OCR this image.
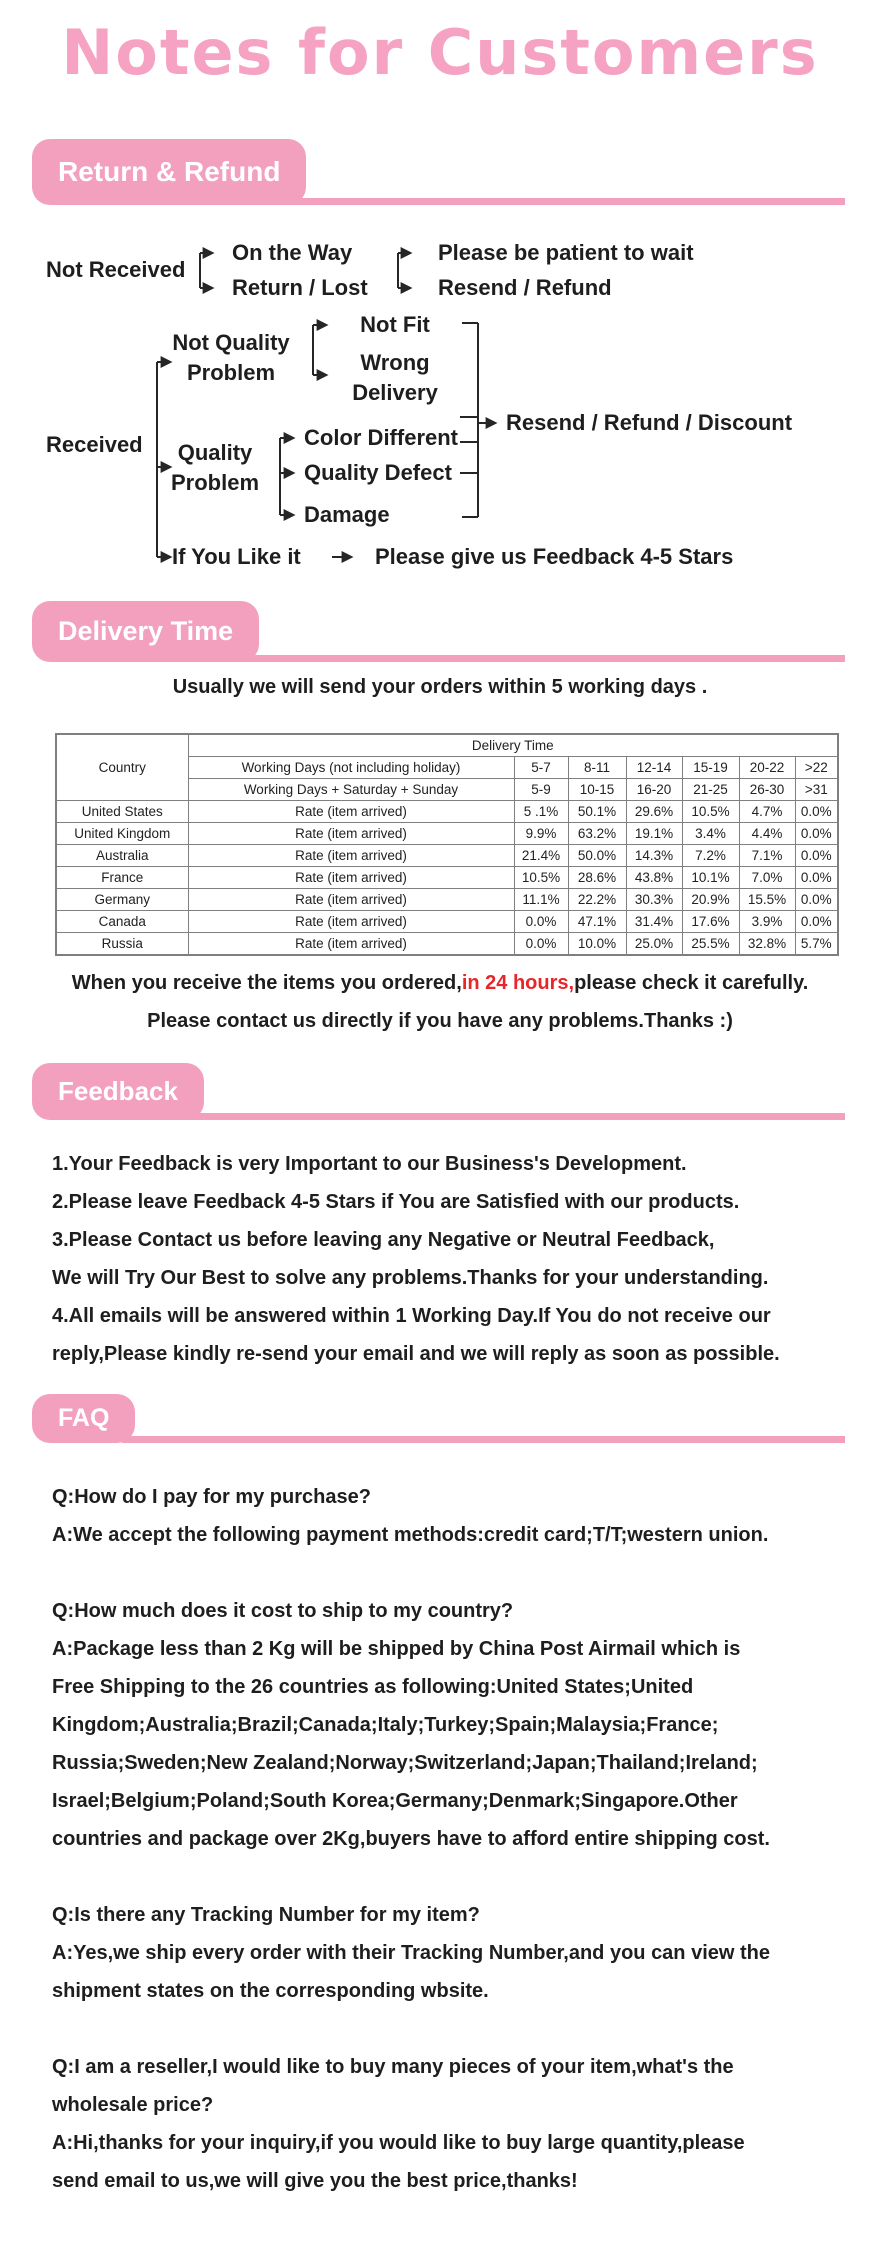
Notes for Customers
Return & Refund
Not Received
On the Way
Return / Lost
Please be patient to wait
Resend / Refund
Received
Not Quality Problem
Not Fit
Wrong Delivery
Quality Problem
Color Different
Quality Defect
Damage
Resend / Refund / Discount
If You Like it	Please give us Feedback 4-5 Stars
Delivery Time
Usually we will send your orders within 5 working days .
Country	Delivery Time						
	Working Days (not including holiday)	5-7	8-11	12-14	15-19	20-22	>22
	Working Days + Saturday + Sunday	5-9	10-15	16-20	21-25	26-30	>31
United States	Rate (item arrived)	5 .1%	50.1%	29.6%	10.5%	4.7%	0.0%
United Kingdom	Rate (item arrived)	9.9%	63.2%	19.1%	3.4%	4.4%	0.0%
Australia	Rate (item arrived)	21.4%	50.0%	14.3%	7.2%	7.1%	0.0%
France	Rate (item arrived)	10.5%	28.6%	43.8%	10.1%	7.0%	0.0%
Germany	Rate (item arrived)	11.1%	22.2%	30.3%	20.9%	15.5%	0.0%
Canada	Rate (item arrived)	0.0%	47.1%	31.4%	17.6%	3.9%	0.0%
Russia	Rate (item arrived)	0.0%	10.0%	25.0%	25.5%	32.8%	5.7%
When you receive the items you ordered,in 24 hours,please check it carefully.
Please contact us directly if you have any problems.Thanks :)
Feedback
1.Your Feedback is very Important to our Business's Development.
2.Please leave Feedback 4-5 Stars if You are Satisfied with our products.
3.Please Contact us before leaving any Negative or Neutral Feedback,
We will Try Our Best to solve any problems.Thanks for your understanding.
4.All emails will be answered within 1 Working Day.If You do not receive our
reply,Please kindly re-send your email and we will reply as soon as possible.
FAQ
Q:How do I pay for my purchase?
A:We accept the following payment methods:credit card;T/T;western union.
Q:How much does it cost to ship to my country?
A:Package less than 2 Kg will be shipped by China Post Airmail which is
Free Shipping to the 26 countries as following:United States;United
Kingdom;Australia;Brazil;Canada;Italy;Turkey;Spain;Malaysia;France;
Russia;Sweden;New Zealand;Norway;Switzerland;Japan;Thailand;Ireland;
Israel;Belgium;Poland;South Korea;Germany;Denmark;Singapore.Other
countries and package over 2Kg,buyers have to afford entire shipping cost.
Q:Is there any Tracking Number for my item?
A:Yes,we ship every order with their Tracking Number,and you can view the
shipment states on the corresponding wbsite.
Q:I am a reseller,I would like to buy many pieces of your item,what's the
wholesale price?
A:Hi,thanks for your inquiry,if you would like to buy large quantity,please
send email to us,we will give you the best price,thanks!
